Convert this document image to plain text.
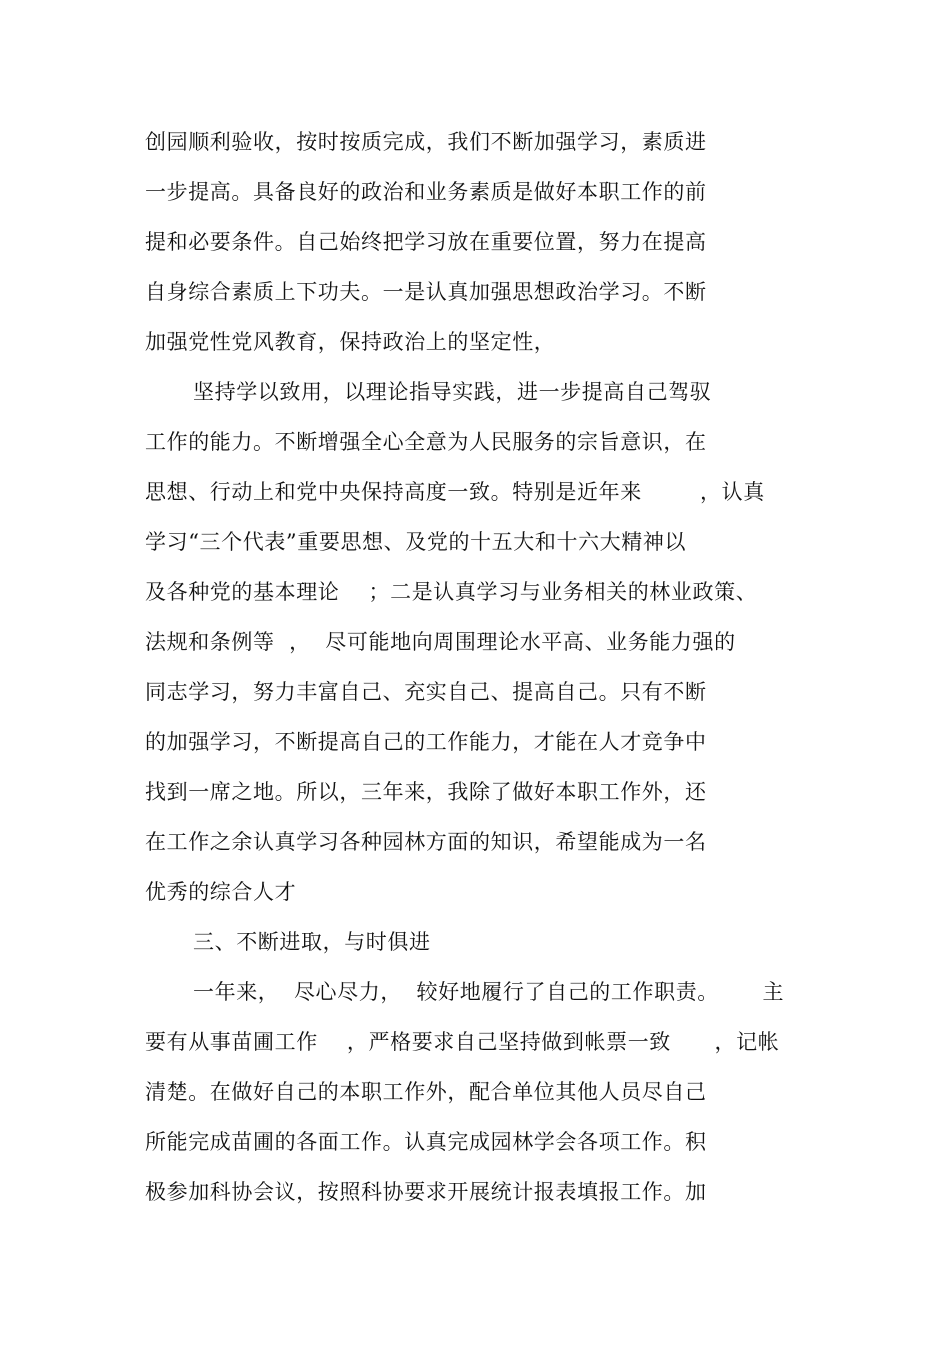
创园顺利验收，按时按质完成，我们不断加强学习，素质进
一步提高。具备良好的政治和业务素质是做好本职工作的前
提和必要条件。自己始终把学习放在重要位置，努力在提高
自身综合素质上下功夫。一是认真加强思想政治学习。不断
加强党性党风教育，保持政治上的坚定性，
坚持学以致用，以理论指导实践，进一步提高自己驾驭
工作的能力。不断增强全心全意为人民服务的宗旨意识，在
思想、行动上和党中央保持高度一致。特别是近年来        ，认真
学习“三个代表”重要思想、及党的十五大和十六大精神以
及各种党的基本理论    ；二是认真学习与业务相关的林业政策、
法规和条例等  ，  尽可能地向周围理论水平高、业务能力强的
同志学习，努力丰富自己、充实自己、提高自己。只有不断
的加强学习，不断提高自己的工作能力，才能在人才竞争中
找到一席之地。所以，三年来，我除了做好本职工作外，还
在工作之余认真学习各种园林方面的知识，希望能成为一名
优秀的综合人才
三、不断进取，与时俱进
一年来，  尽心尽力，  较好地履行了自己的工作职责。      主
要有从事苗圃工作    ，严格要求自己坚持做到帐票一致      ，记帐
清楚。在做好自己的本职工作外，配合单位其他人员尽自己
所能完成苗圃的各面工作。认真完成园林学会各项工作。积
极参加科协会议，按照科协要求开展统计报表填报工作。加
